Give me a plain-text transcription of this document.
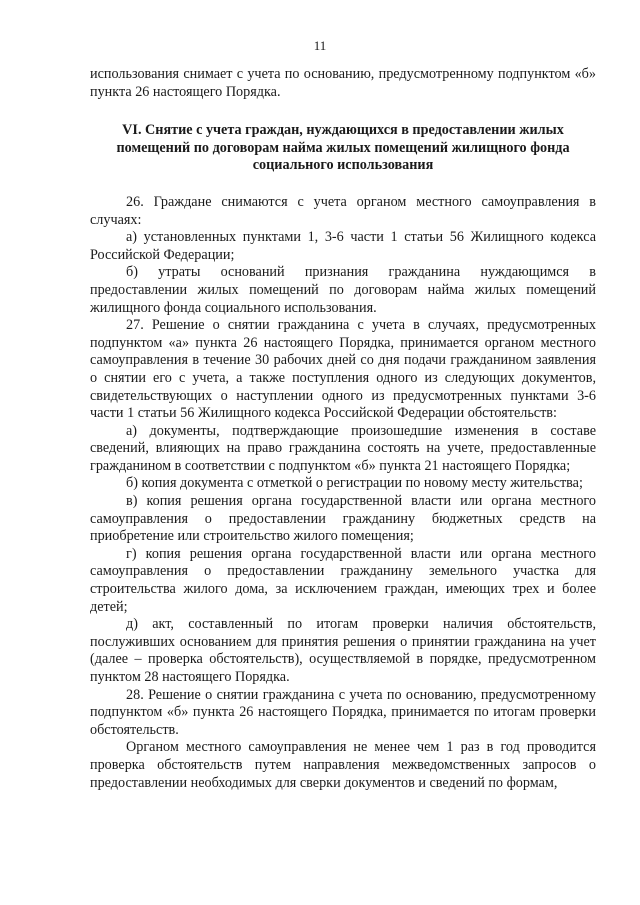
11

использования снимает с учета по основанию, предусмотренному подпунктом «б» пункта 26 настоящего Порядка.

VI. Снятие с учета граждан, нуждающихся в предоставлении жилых помещений по договорам найма жилых помещений жилищного фонда социального использования

26. Граждане снимаются с учета органом местного самоуправления в случаях:

а) установленных пунктами 1, 3-6 части 1 статьи 56 Жилищного кодекса Российской Федерации;

б) утраты оснований признания гражданина нуждающимся в предоставлении жилых помещений по договорам найма жилых помещений жилищного фонда социального использования.

27. Решение о снятии гражданина с учета в случаях, предусмотренных подпунктом «а» пункта 26 настоящего Порядка, принимается органом местного самоуправления в течение 30 рабочих дней со дня подачи гражданином заявления о снятии его с учета, а также поступления одного из следующих документов, свидетельствующих о наступлении одного из предусмотренных пунктами 3-6 части 1 статьи 56 Жилищного кодекса Российской Федерации обстоятельств:

а) документы, подтверждающие произошедшие изменения в составе сведений, влияющих на право гражданина состоять на учете, предоставленные гражданином в соответствии с подпунктом «б» пункта 21 настоящего Порядка;

б) копия документа с отметкой о регистрации по новому месту жительства;

в) копия решения органа государственной власти или органа местного самоуправления о предоставлении гражданину бюджетных средств на приобретение или строительство жилого помещения;

г) копия решения органа государственной власти или органа местного самоуправления о предоставлении гражданину земельного участка для строительства жилого дома, за исключением граждан, имеющих трех и более детей;

д) акт, составленный по итогам проверки наличия обстоятельств, послуживших основанием для принятия решения о принятии гражданина на учет (далее – проверка обстоятельств), осуществляемой в порядке, предусмотренном пунктом 28 настоящего Порядка.

28. Решение о снятии гражданина с учета по основанию, предусмотренному подпунктом «б» пункта 26 настоящего Порядка, принимается по итогам проверки обстоятельств.

Органом местного самоуправления не менее чем 1 раз в год проводится проверка обстоятельств путем направления межведомственных запросов о предоставлении необходимых для сверки документов и сведений по формам,
